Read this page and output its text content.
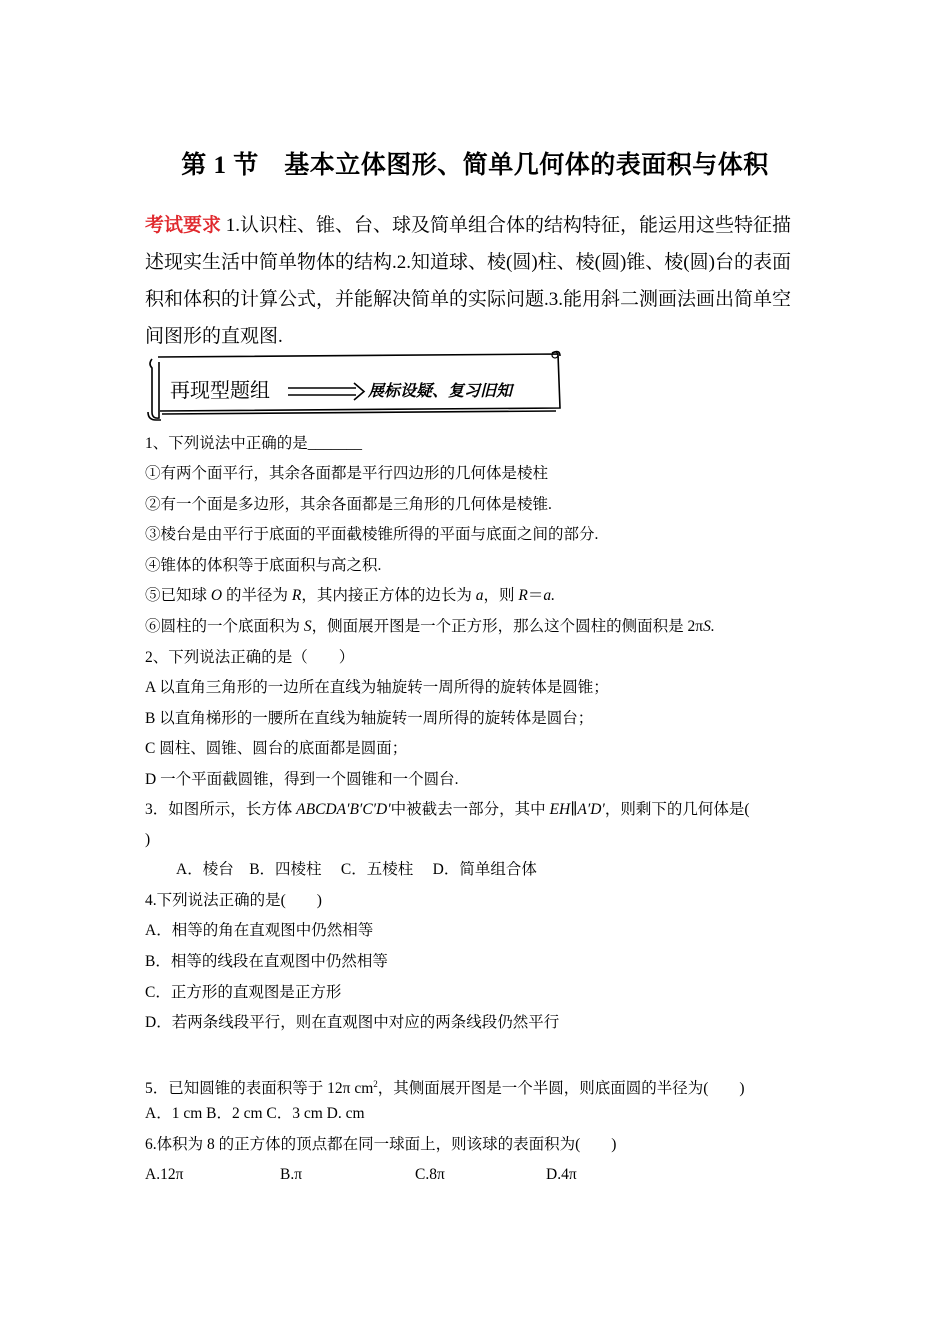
第 1 节　基本立体图形、简单几何体的表面积与体积
考试要求 1.认识柱、锥、台、球及简单组合体的结构特征，能运用这些特征描
述现实生活中简单物体的结构.2.知道球、棱(圆)柱、棱(圆)锥、棱(圆)台的表面
积和体积的计算公式，并能解决简单的实际问题.3.能用斜二测画法画出简单空
间图形的直观图.
再现型题组	展标设疑、复习旧知
1、下列说法中正确的是_______
①有两个面平行，其余各面都是平行四边形的几何体是棱柱
②有一个面是多边形，其余各面都是三角形的几何体是棱锥.
③棱台是由平行于底面的平面截棱锥所得的平面与底面之间的部分.
④锥体的体积等于底面积与高之积.
⑤已知球 O 的半径为 R，其内接正方体的边长为 a，则 R＝a.
⑥圆柱的一个底面积为 S，侧面展开图是一个正方形，那么这个圆柱的侧面积是 2πS.
2、下列说法正确的是（　　）
A 以直角三角形的一边所在直线为轴旋转一周所得的旋转体是圆锥；
B 以直角梯形的一腰所在直线为轴旋转一周所得的旋转体是圆台；
C 圆柱、圆锥、圆台的底面都是圆面；
D 一个平面截圆锥，得到一个圆锥和一个圆台.
3．如图所示，长方体 ABCDA′B′C′D′中被截去一部分，其中 EH∥A′D′，则剩下的几何体是(
)
A．棱台　B．四棱柱　 C．五棱柱　 D．简单组合体
4.下列说法正确的是(　　)
A．相等的角在直观图中仍然相等
B．相等的线段在直观图中仍然相等
C．正方形的直观图是正方形
D．若两条线段平行，则在直观图中对应的两条线段仍然平行
5．已知圆锥的表面积等于 12π $cm^2$，其侧面展开图是一个半圆，则底面圆的半径为(　　)
A．1 cm B．2 cm C．3 cm D. cm
6.体积为 8 的正方体的顶点都在同一球面上，则该球的表面积为(　　)
A.12π	B.π	C.8π	D.4π
